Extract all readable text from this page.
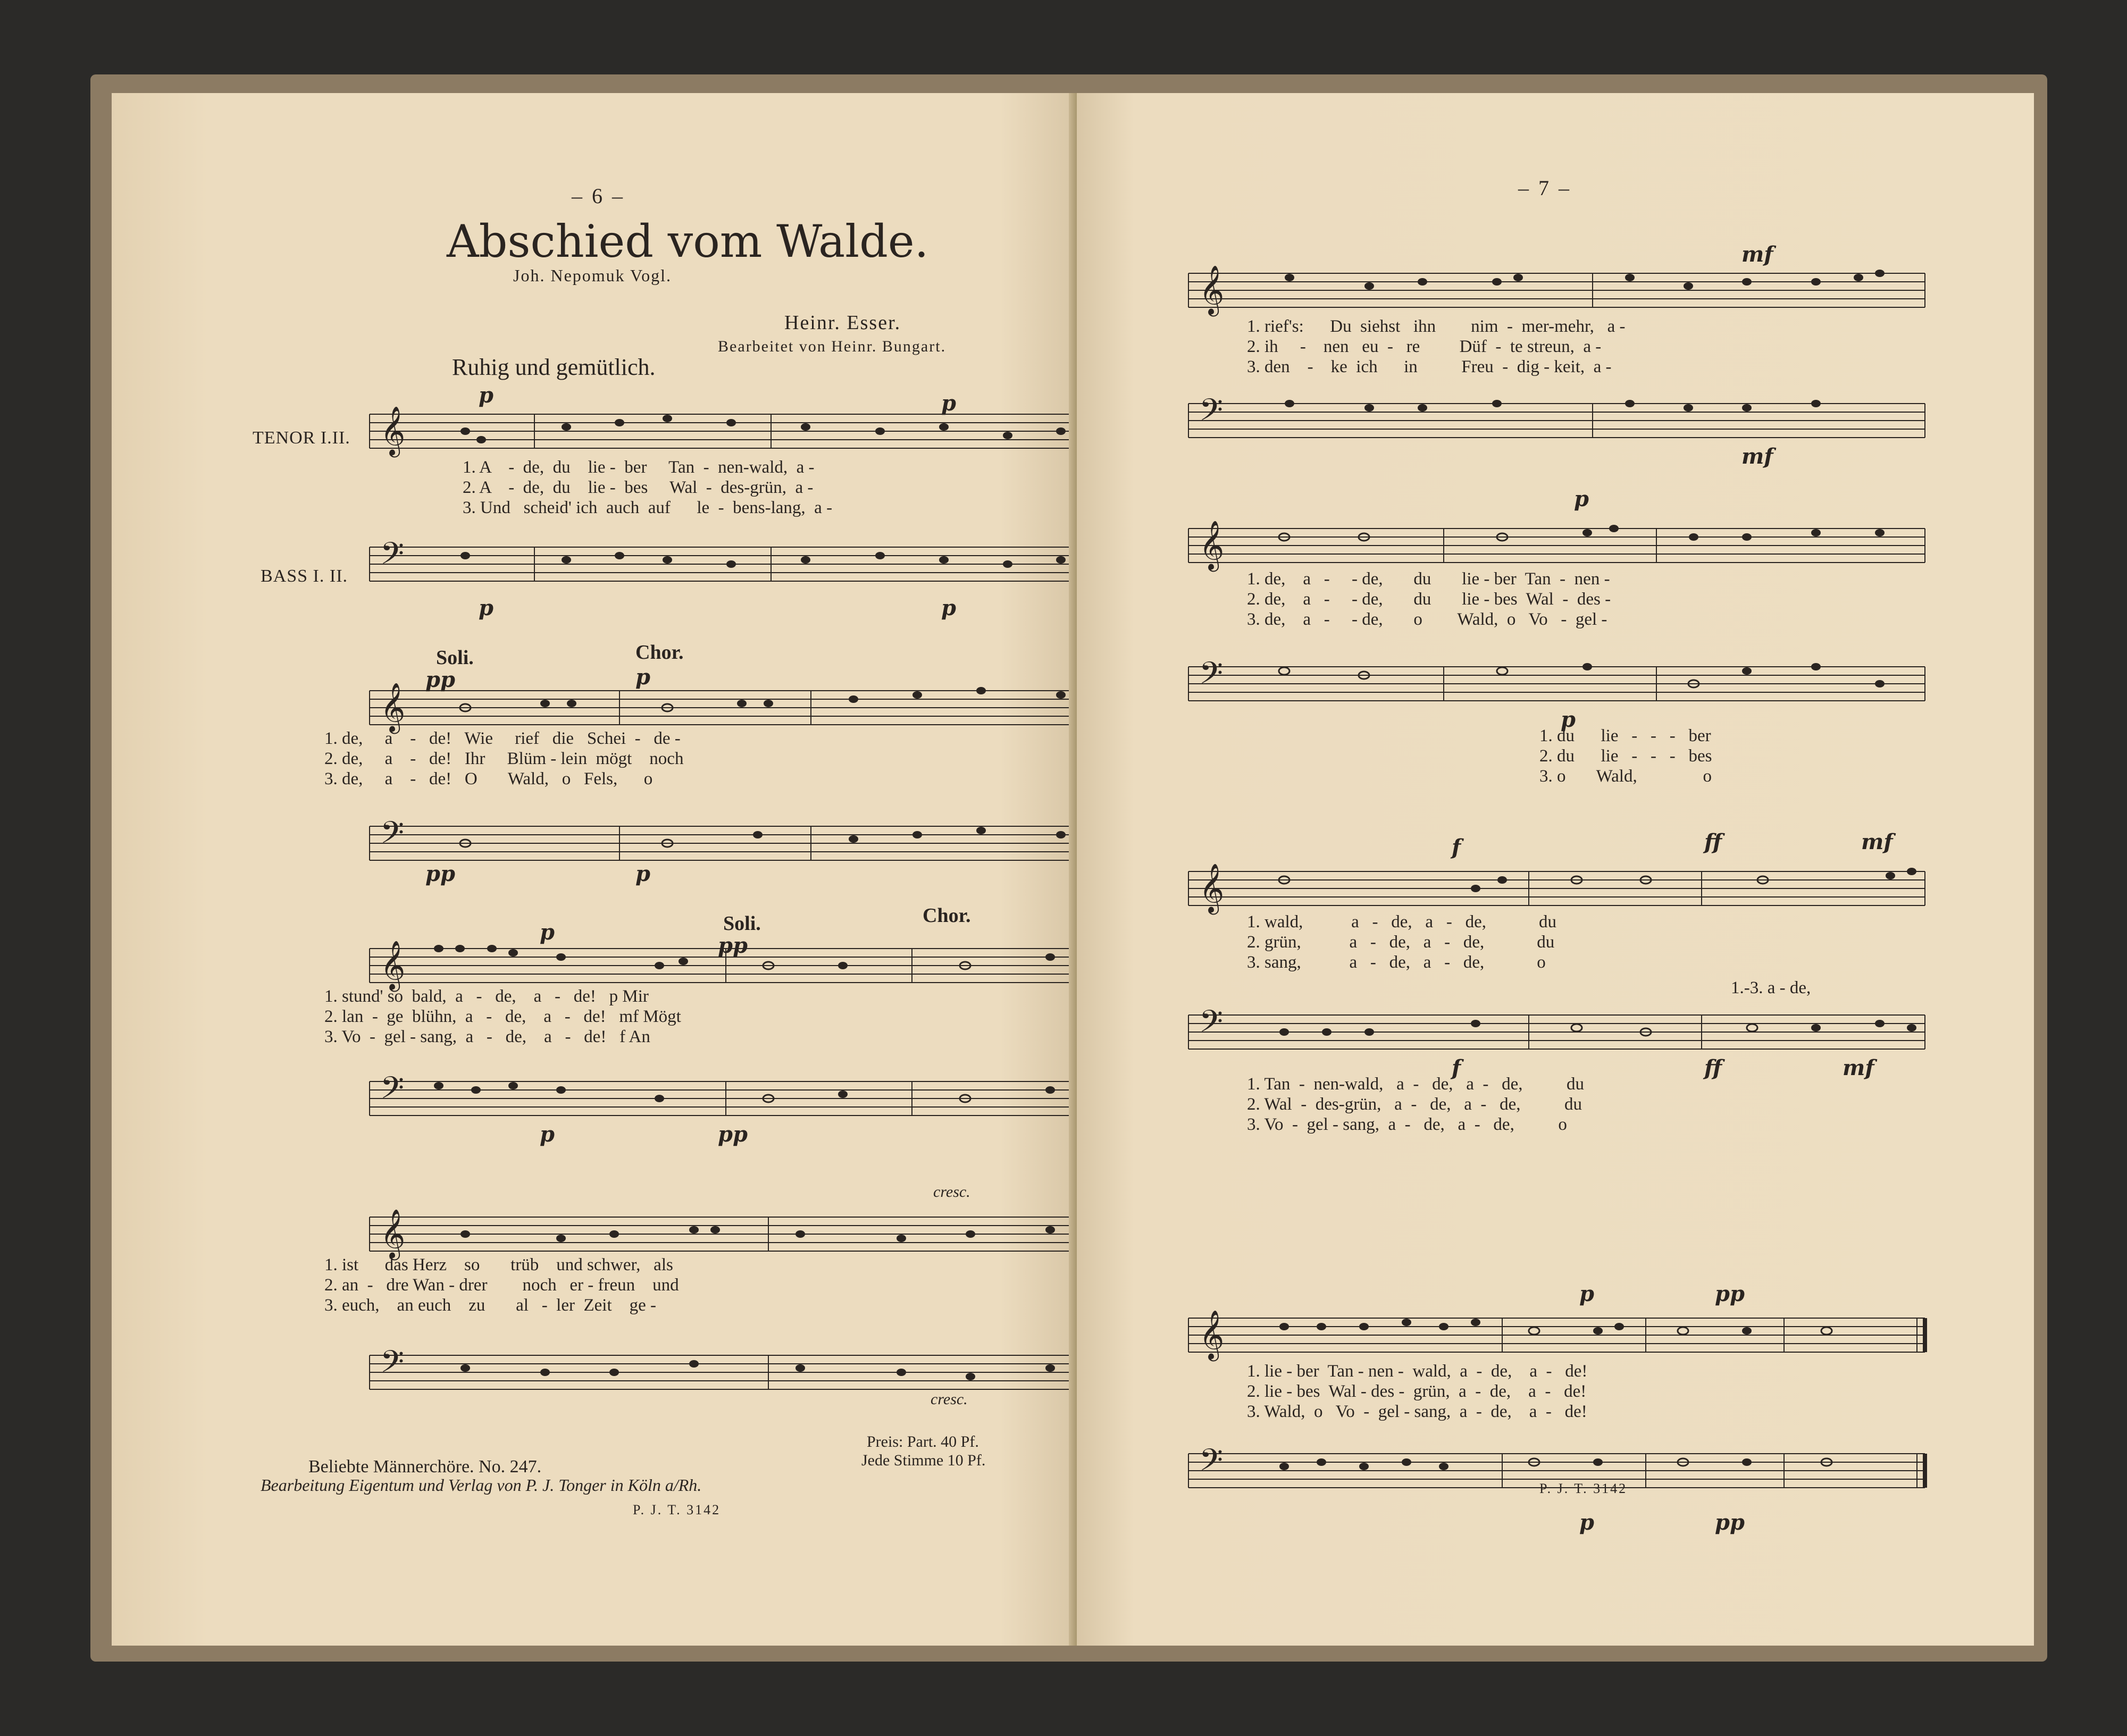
– 6 –
Abschied vom Walde.
Joh. Nepomuk Vogl.
Heinr. Esser.
Bearbeitet von Heinr. Bungart.
Ruhig und gemütlich.
TENOR I.II.
BASS I. II.
𝄞
1. A    -  de,  du    lie -  ber     Tan  -  nen-wald,  a -
2. A    -  de,  du    lie -  bes     Wal  -  des-grün,  a -
3. Und   scheid' ich  auch  auf      le  -  bens-lang,  a -
𝄢
p	p
p	p
Soli.	Chor.
pp	p
𝄞
1. de,     a    -   de!   Wie     rief   die   Schei  -   de -
2. de,     a    -   de!   Ihr     Blüm - lein  mögt    noch
3. de,     a    -   de!   O       Wald,   o   Fels,      o
𝄢
pp	p
Soli.	Chor.
p
pp
𝄞
1. stund' so  bald,  a   -   de,    a   -   de!   p Mir
2. lan  -  ge  blühn,  a   -   de,    a   -   de!   mf Mögt
3. Vo  -  gel - sang,  a   -   de,    a   -   de!   f An
𝄢
p	pp
cresc.
𝄞
1. ist      das Herz    so       trüb    und schwer,   als
2. an  -   dre Wan - drer        noch   er - freun    und
3. euch,    an euch    zu       al   -  ler  Zeit    ge -
𝄢
cresc.
Beliebte Männerchöre. No. 247.
Preis: Part. 40 Pf.
Jede Stimme 10 Pf.
Bearbeitung Eigentum und Verlag von P. J. Tonger in Köln a/Rh.
P. J. T. 3142
– 7 –
mf
𝄞
1. rief's:      Du  siehst   ihn        nim  -  mer-mehr,   a -
2. ih     -    nen   eu  -   re         Düf  -  te streun,  a -
3. den    -    ke  ich      in          Freu  -  dig - keit,  a -
𝄢
mf
p
𝄞
1. de,    a   -     - de,       du       lie - ber  Tan  -  nen -
2. de,    a   -     - de,       du       lie - bes  Wal  -  des -
3. de,    a   -     - de,       o        Wald,  o   Vo   -  gel -
𝄢
p
1. du      lie   -   -   -   ber
2. du      lie   -   -   -   bes
3. o       Wald,               o
f	ff	mf
𝄞
1. wald,           a   -   de,   a   -   de,            du
2. grün,           a   -   de,   a   -   de,            du
3. sang,           a   -   de,   a   -   de,            o
1.-3. a - de,
𝄢
f	ff	mf
1. Tan  -  nen-wald,   a  -   de,   a  -   de,          du
2. Wal  -  des-grün,   a  -   de,   a  -   de,          du
3. Vo  -  gel - sang,  a  -   de,   a  -   de,          o
p	pp
𝄞
1. lie - ber  Tan - nen -  wald,  a  -  de,    a  -   de!
2. lie - bes  Wal - des -  grün,  a  -  de,    a  -   de!
3. Wald,  o   Vo  -  gel - sang,  a  -  de,    a  -   de!
𝄢
p	pp
P. J. T. 3142
